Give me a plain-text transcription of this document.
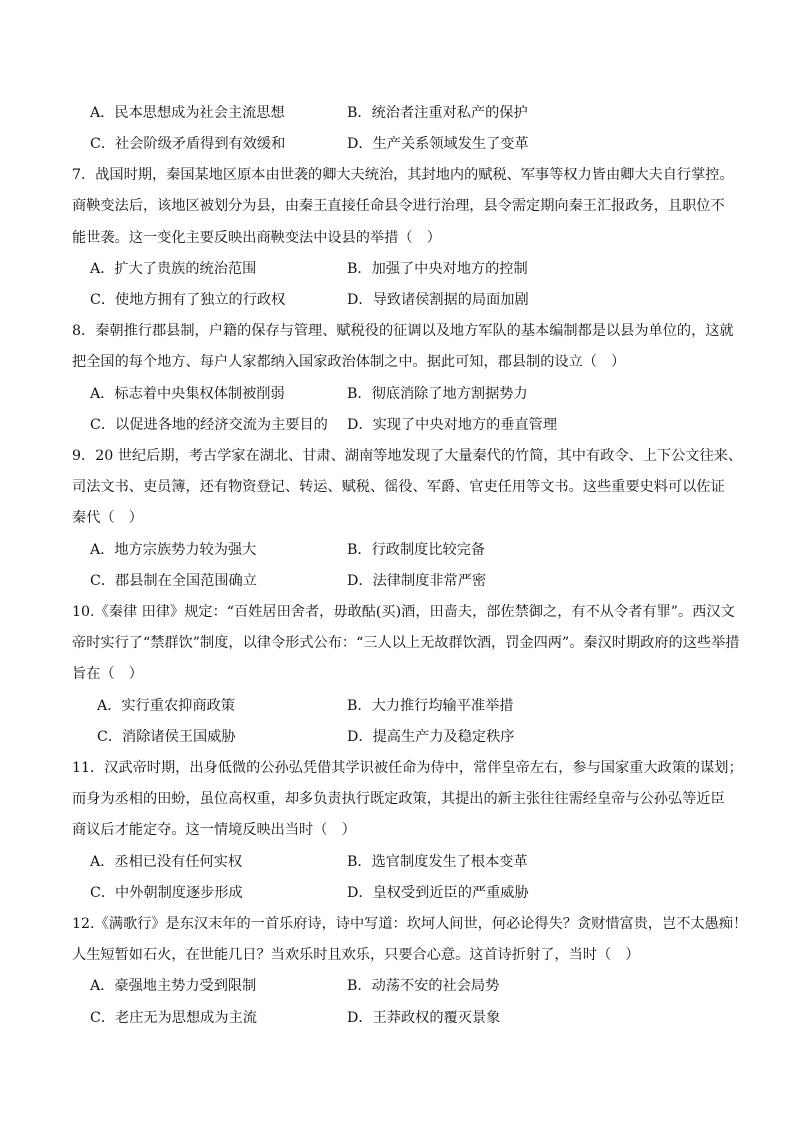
A．民本思想成为社会主流思想	B．统治者注重对私产的保护
C．社会阶级矛盾得到有效缓和	D．生产关系领域发生了变革
7．战国时期，秦国某地区原本由世袭的卿大夫统治，其封地内的赋税、军事等权力皆由卿大夫自行掌控。
商鞅变法后，该地区被划分为县，由秦王直接任命县令进行治理，县令需定期向秦王汇报政务，且职位不
能世袭。这一变化主要反映出商鞅变法中设县的举措（　）
A．扩大了贵族的统治范围	B．加强了中央对地方的控制
C．使地方拥有了独立的行政权	D．导致诸侯割据的局面加剧
8．秦朝推行郡县制，户籍的保存与管理、赋税役的征调以及地方军队的基本编制都是以县为单位的，这就
把全国的每个地方、每户人家都纳入国家政治体制之中。据此可知，郡县制的设立（　）
A．标志着中央集权体制被削弱	B．彻底消除了地方割据势力
C．以促进各地的经济交流为主要目的 D．实现了中央对地方的垂直管理
9．20 世纪后期，考古学家在湖北、甘肃、湖南等地发现了大量秦代的竹简，其中有政令、上下公文往来、
司法文书、吏员簿，还有物资登记、转运、赋税、徭役、军爵、官吏任用等文书。这些重要史料可以佐证
秦代（　）
A．地方宗族势力较为强大	B．行政制度比较完备
C．郡县制在全国范围确立	D．法律制度非常严密
10.《秦律 田律》规定：“百姓居田舍者，毋敢酤(买)酒，田啬夫，部佐禁御之，有不从令者有罪”。西汉文
帝时实行了“禁群饮”制度，以律令形式公布：“三人以上无故群饮酒，罚金四两”。秦汉时期政府的这些举措
旨在（　）
A．实行重农抑商政策	B．大力推行均输平准举措
C．消除诸侯王国威胁	D．提高生产力及稳定秩序
11．汉武帝时期，出身低微的公孙弘凭借其学识被任命为侍中，常伴皇帝左右，参与国家重大政策的谋划；
而身为丞相的田蚡，虽位高权重，却多负责执行既定政策，其提出的新主张往往需经皇帝与公孙弘等近臣
商议后才能定夺。这一情境反映出当时（　）
A．丞相已没有任何实权	B．选官制度发生了根本变革
C．中外朝制度逐步形成	D．皇权受到近臣的严重威胁
12.《满歌行》是东汉末年的一首乐府诗，诗中写道：坎坷人间世，何必论得失？贪财惜富贵，岂不太愚痴！
人生短暂如石火，在世能几日？当欢乐时且欢乐，只要合心意。这首诗折射了，当时（　）
A．豪强地主势力受到限制	B．动荡不安的社会局势
C．老庄无为思想成为主流	D．王莽政权的覆灭景象
